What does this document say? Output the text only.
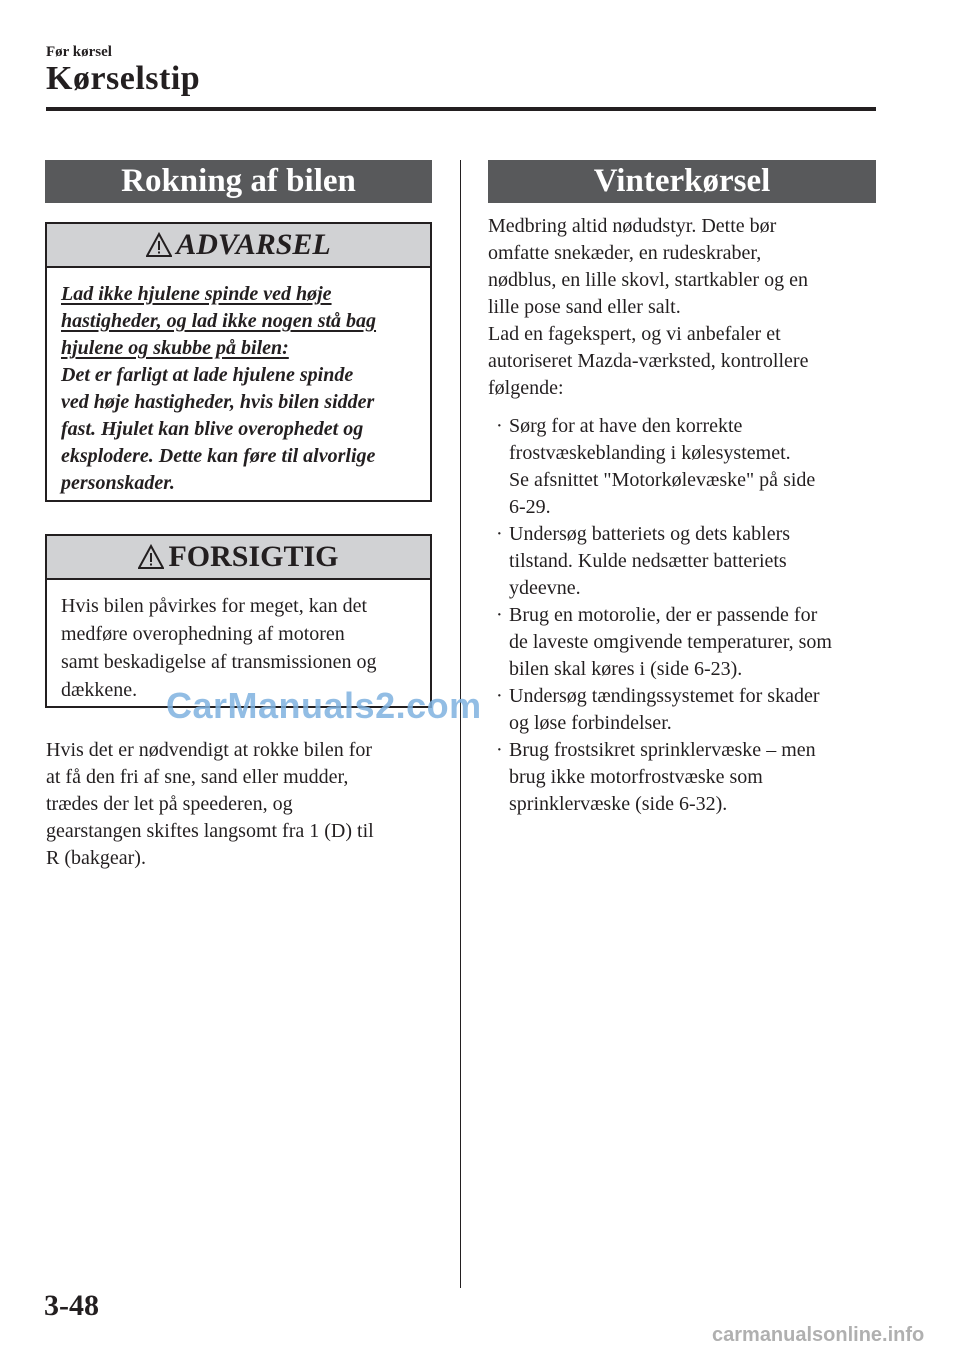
Før kørsel
Kørselstip
Rokning af bilen
ADVARSEL
Lad ikke hjulene spinde ved høje
hastigheder, og lad ikke nogen stå bag
hjulene og skubbe på bilen:
Det er farligt at lade hjulene spinde
ved høje hastigheder, hvis bilen sidder
fast. Hjulet kan blive overophedet og
eksplodere. Dette kan føre til alvorlige
personskader.
FORSIGTIG
Hvis bilen påvirkes for meget, kan det
medføre overophedning af motoren
samt beskadigelse af transmissionen og
dækkene. CarManuals2.com
Hvis det er nødvendigt at rokke bilen for
at få den fri af sne, sand eller mudder,
trædes der let på speederen, og
gearstangen skiftes langsomt fra 1 (D) til
R (bakgear).
Vinterkørsel
Medbring altid nødudstyr. Dette bør
omfatte snekæder, en rudeskraber,
nødblus, en lille skovl, startkabler og en
lille pose sand eller salt.
Lad en fagekspert, og vi anbefaler et
autoriseret Mazda-værksted, kontrollere
følgende:
· Sørg for at have den korrekte
frostvæskeblanding i kølesystemet.
Se afsnittet "Motorkølevæske" på side
6-29.
· Undersøg batteriets og dets kablers
tilstand. Kulde nedsætter batteriets
ydeevne.
· Brug en motorolie, der er passende for
de laveste omgivende temperaturer, som
bilen skal køres i (side 6-23).
· Undersøg tændingssystemet for skader
og løse forbindelser.
· Brug frostsikret sprinklervæske – men
brug ikke motorfrostvæske som
sprinklervæske (side 6-32).
3-48
carmanualsonline.info
